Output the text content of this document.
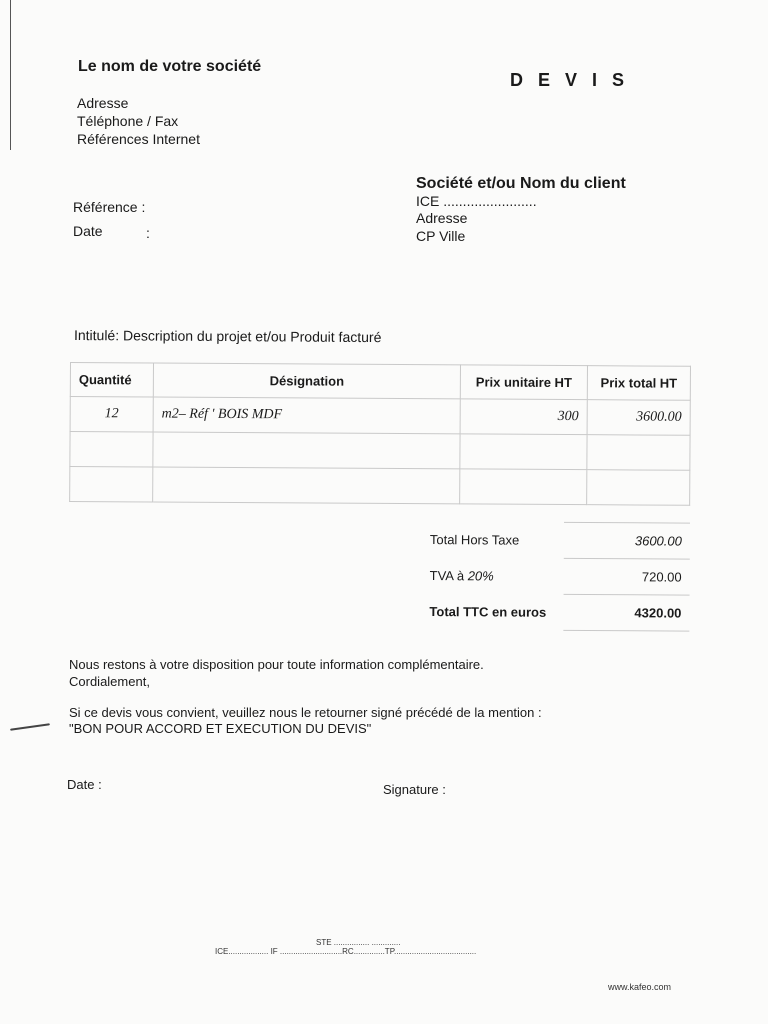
Le nom de votre société
Adresse
Téléphone / Fax
Références Internet
D E V I S
Société et/ou Nom du client
ICE ........................
Adresse
CP Ville
Référence :
Date	:
Intitulé: Description du projet et/ou Produit facturé
Quantité	Désignation	Prix unitaire HT	Prix total HT
12	m2– Réf ' BOIS MDF	300	3600.00

Total Hors Taxe	3600.00
TVA à 20%	720.00
Total TTC en euros	4320.00
Nous restons à votre disposition pour toute information complémentaire.
Cordialement,
Si ce devis vous convient, veuillez nous le retourner signé précédé de la mention :
"BON POUR ACCORD ET EXECUTION DU DEVIS"
Date :	Signature :
STE ................ .............
ICE.................. IF ............................RC..............TP.....................................
www.kafeo.com
